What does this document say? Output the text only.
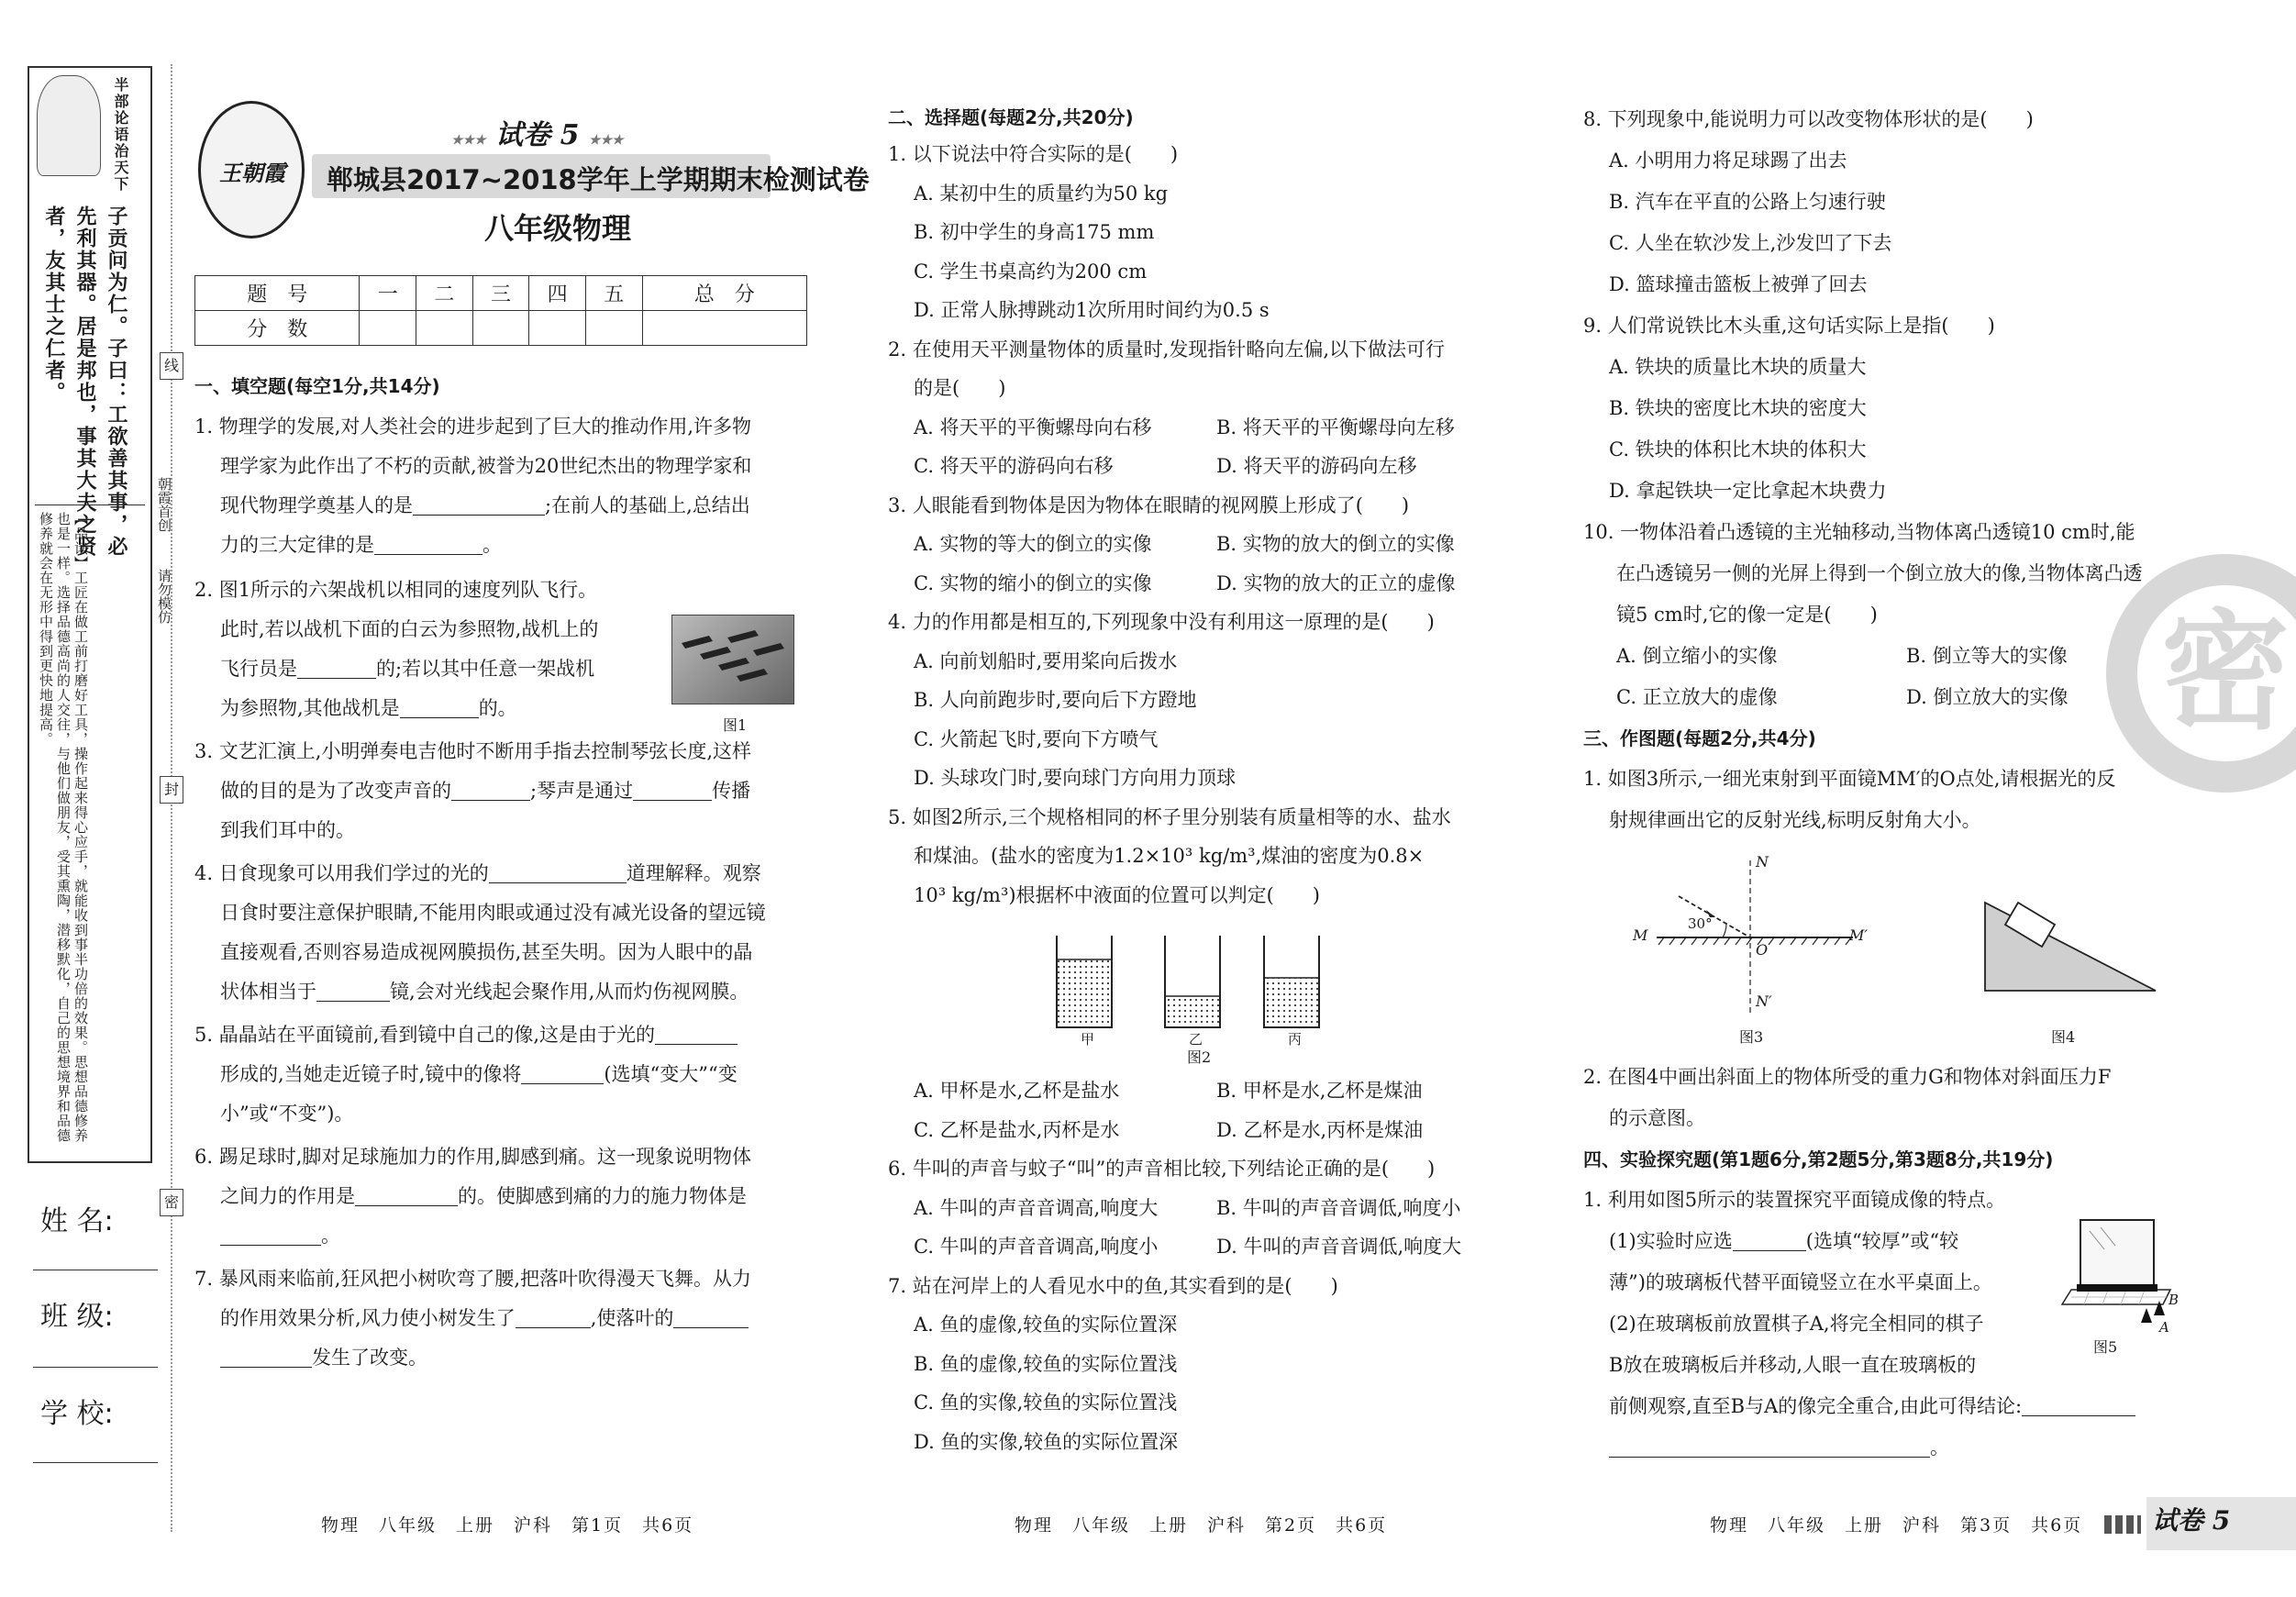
半部论语治天下
子贡问为仁。子曰：工欲善其事，必先利其器。居是邦也，事其大夫之贤者，友其士之仁者。
【品读】工匠在做工前打磨好工具，操作起来得心应手，就能收到事半功倍的效果。思想品德修养也是一样。选择品德高尚的人交往，与他们做朋友，受其熏陶，潜移默化，自己的思想境界和品德修养就会在无形中得到更快地提高。
朝霞首创
请勿模仿
线
封
密
姓 名:
班 级:
学 校:
王朝霞
★★★ 试卷 5 ★★★
郸城县2017~2018学年上学期期末检测试卷
八年级物理
题　号	一	二	三	四	五	总　分
分　数						
一、填空题(每空1分,共14分)
1. 物理学的发展,对人类社会的进步起到了巨大的推动作用,许多物
理学家为此作出了不朽的贡献,被誉为20世纪杰出的物理学家和
现代物理学奠基人的是	;在前人的基础上,总结出
力的三大定律的是	。
2. 图1所示的六架战机以相同的速度列队飞行。
此时,若以战机下面的白云为参照物,战机上的
飞行员是	的;若以其中任意一架战机
为参照物,其他战机是	的。
3. 文艺汇演上,小明弹奏电吉他时不断用手指去控制琴弦长度,这样
做的目的是为了改变声音的	;琴声是通过	传播
到我们耳中的。
4. 日食现象可以用我们学过的光的	道理解释。观察
日食时要注意保护眼睛,不能用肉眼或通过没有减光设备的望远镜
直接观看,否则容易造成视网膜损伤,甚至失明。因为人眼中的晶
状体相当于	镜,会对光线起会聚作用,从而灼伤视网膜。
5. 晶晶站在平面镜前,看到镜中自己的像,这是由于光的
形成的,当她走近镜子时,镜中的像将	(选填“变大”“变
小”或“不变”)。
6. 踢足球时,脚对足球施加力的作用,脚感到痛。这一现象说明物体
之间力的作用是	的。使脚感到痛的力的施力物体是
。
7. 暴风雨来临前,狂风把小树吹弯了腰,把落叶吹得漫天飞舞。从力
的作用效果分析,风力使小树发生了	,使落叶的
发生了改变。
图1
二、选择题(每题2分,共20分)
1. 以下说法中符合实际的是(　　)
A. 某初中生的质量约为50 kg
B. 初中学生的身高175 mm
C. 学生书桌高约为200 cm
D. 正常人脉搏跳动1次所用时间约为0.5 s
2. 在使用天平测量物体的质量时,发现指针略向左偏,以下做法可行
的是(　　)
A. 将天平的平衡螺母向右移	B. 将天平的平衡螺母向左移
C. 将天平的游码向右移	D. 将天平的游码向左移
3. 人眼能看到物体是因为物体在眼睛的视网膜上形成了(　　)
A. 实物的等大的倒立的实像	B. 实物的放大的倒立的实像
C. 实物的缩小的倒立的实像	D. 实物的放大的正立的虚像
4. 力的作用都是相互的,下列现象中没有利用这一原理的是(　　)
A. 向前划船时,要用桨向后拨水
B. 人向前跑步时,要向后下方蹬地
C. 火箭起飞时,要向下方喷气
D. 头球攻门时,要向球门方向用力顶球
5. 如图2所示,三个规格相同的杯子里分别装有质量相等的水、盐水
和煤油。(盐水的密度为1.2×10³ kg/m³,煤油的密度为0.8×
10³ kg/m³)根据杯中液面的位置可以判定(　　)
甲	乙	丙
图2
A. 甲杯是水,乙杯是盐水	B. 甲杯是水,乙杯是煤油
C. 乙杯是盐水,丙杯是水	D. 乙杯是水,丙杯是煤油
6. 牛叫的声音与蚊子“叫”的声音相比较,下列结论正确的是(　　)
A. 牛叫的声音音调高,响度大	B. 牛叫的声音音调低,响度小
C. 牛叫的声音音调高,响度小	D. 牛叫的声音音调低,响度大
7. 站在河岸上的人看见水中的鱼,其实看到的是(　　)
A. 鱼的虚像,较鱼的实际位置深
B. 鱼的虚像,较鱼的实际位置浅
C. 鱼的实像,较鱼的实际位置浅
D. 鱼的实像,较鱼的实际位置深
8. 下列现象中,能说明力可以改变物体形状的是(　　)
A. 小明用力将足球踢了出去
B. 汽车在平直的公路上匀速行驶
C. 人坐在软沙发上,沙发凹了下去
D. 篮球撞击篮板上被弹了回去
9. 人们常说铁比木头重,这句话实际上是指(　　)
A. 铁块的质量比木块的质量大
B. 铁块的密度比木块的密度大
C. 铁块的体积比木块的体积大
D. 拿起铁块一定比拿起木块费力
10. 一物体沿着凸透镜的主光轴移动,当物体离凸透镜10 cm时,能
在凸透镜另一侧的光屏上得到一个倒立放大的像,当物体离凸透
镜5 cm时,它的像一定是(　　)
A. 倒立缩小的实像	B. 倒立等大的实像
C. 正立放大的虚像	D. 倒立放大的实像
三、作图题(每题2分,共4分)
1. 如图3所示,一细光束射到平面镜MM′的O点处,请根据光的反
射规律画出它的反射光线,标明反射角大小。
N
N′
M	M′
O
30°
图3	图4
2. 在图4中画出斜面上的物体所受的重力G和物体对斜面压力F
的示意图。
四、实验探究题(第1题6分,第2题5分,第3题8分,共19分)
1. 利用如图5所示的装置探究平面镜成像的特点。
(1)实验时应选	(选填“较厚”或“较
薄”)的玻璃板代替平面镜竖立在水平桌面上。
(2)在玻璃板前放置棋子A,将完全相同的棋子
B放在玻璃板后并移动,人眼一直在玻璃板的
前侧观察,直至B与A的像完全重合,由此可得结论:
。
B
A
图5
密
物理　八年级　上册　沪科　第1页　共6页	物理　八年级　上册　沪科　第2页　共6页	物理　八年级　上册　沪科　第3页　共6页	试卷 5
